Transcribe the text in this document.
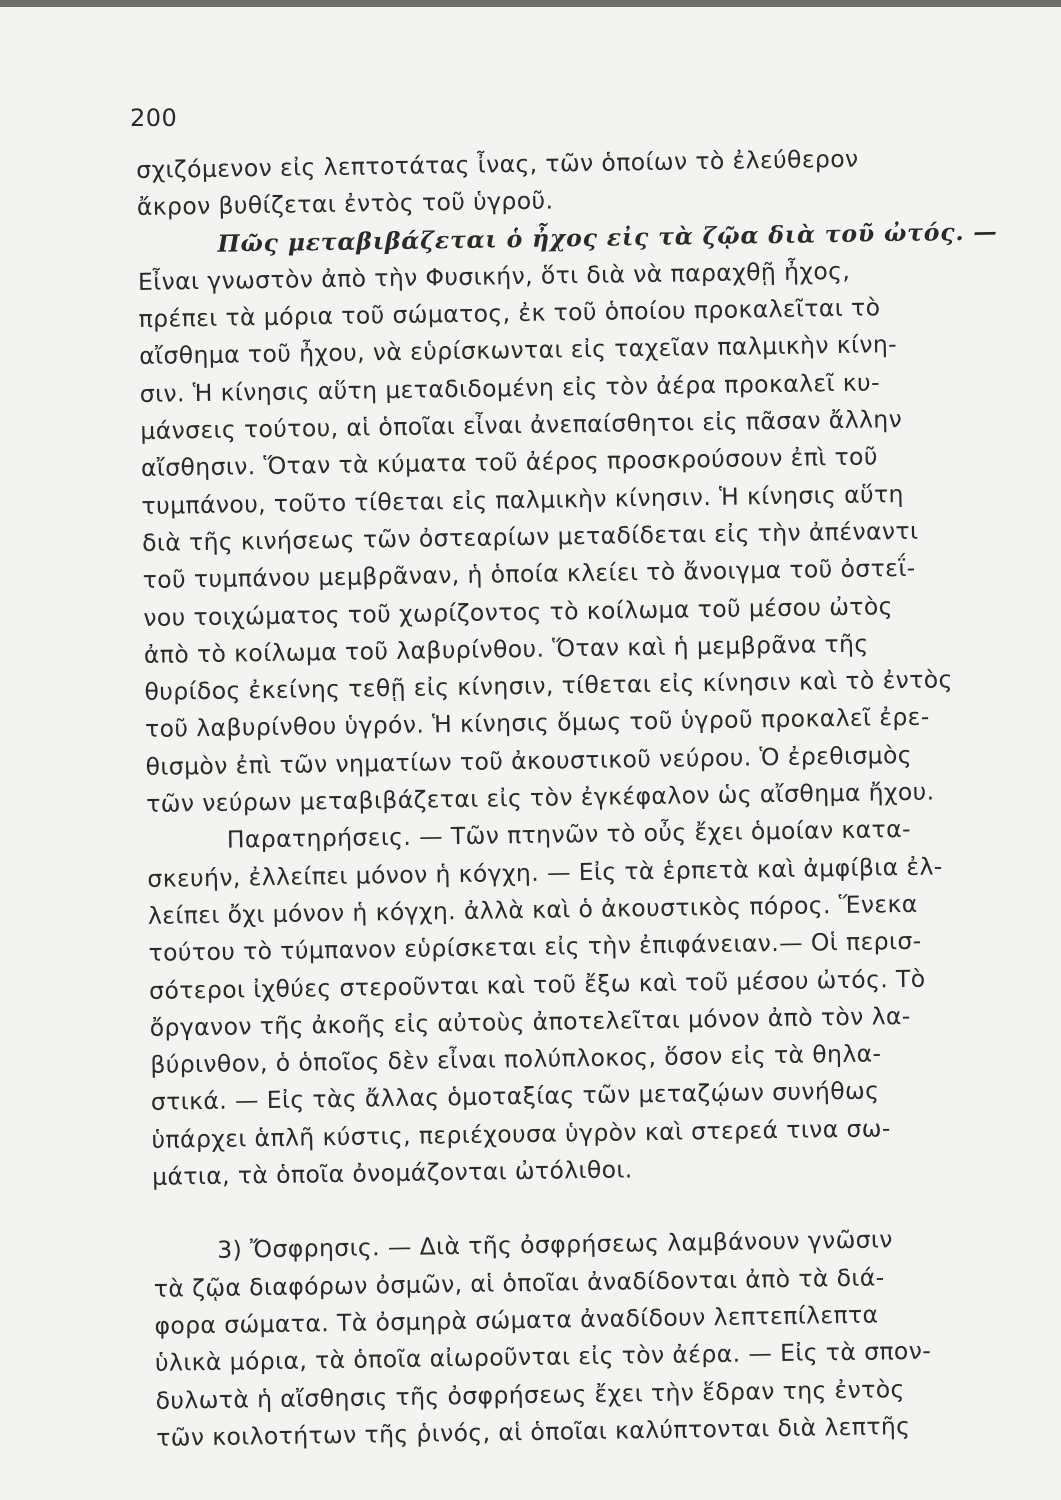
200
σχιζόμενον εἰς λεπτοτάτας ἶνας, τῶν ὁποίων τὸ ἐλεύθερον
ἄκρον βυθίζεται ἐντὸς τοῦ ὑγροῦ.
Πῶς μεταβιβάζεται ὁ ἦχος εἰς τὰ ζῷα διὰ τοῦ ὠτός. —
Εἶναι γνωστὸν ἀπὸ τὴν Φυσικήν, ὅτι διὰ νὰ παραχθῇ ἦχος,
πρέπει τὰ μόρια τοῦ σώματος, ἐκ τοῦ ὁποίου προκαλεῖται τὸ
αἴσθημα τοῦ ἦχου, νὰ εὑρίσκωνται εἰς ταχεῖαν παλμικὴν κίνη-
σιν. Ἡ κίνησις αὕτη μεταδιδομένη εἰς τὸν ἀέρα προκαλεῖ κυ-
μάνσεις τούτου, αἱ ὁποῖαι εἶναι ἀνεπαίσθητοι εἰς πᾶσαν ἄλλην
αἴσθησιν. Ὅταν τὰ κύματα τοῦ ἀέρος προσκρούσουν ἐπὶ τοῦ
τυμπάνου, τοῦτο τίθεται εἰς παλμικὴν κίνησιν. Ἡ κίνησις αὕτη
διὰ τῆς κινήσεως τῶν ὀστεαρίων μεταδίδεται εἰς τὴν ἀπέναντι
τοῦ τυμπάνου μεμβρᾶναν, ἡ ὁποία κλείει τὸ ἄνοιγμα τοῦ ὀστεΐ-
νου τοιχώματος τοῦ χωρίζοντος τὸ κοίλωμα τοῦ μέσου ὠτὸς
ἀπὸ τὸ κοίλωμα τοῦ λαβυρίνθου. Ὅταν καὶ ἡ μεμβρᾶνα τῆς
θυρίδος ἐκείνης τεθῇ εἰς κίνησιν, τίθεται εἰς κίνησιν καὶ τὸ ἐντὸς
τοῦ λαβυρίνθου ὑγρόν. Ἡ κίνησις ὅμως τοῦ ὑγροῦ προκαλεῖ ἐρε-
θισμὸν ἐπὶ τῶν νηματίων τοῦ ἀκουστικοῦ νεύρου. Ὁ ἐρεθισμὸς
τῶν νεύρων μεταβιβάζεται εἰς τὸν ἐγκέφαλον ὡς αἴσθημα ἤχου.
Παρατηρήσεις. — Τῶν πτηνῶν τὸ οὖς ἔχει ὁμοίαν κατα-
σκευήν, ἐλλείπει μόνον ἡ κόγχη. — Εἰς τὰ ἑρπετὰ καὶ ἀμφίβια ἐλ-
λείπει ὄχι μόνον ἡ κόγχη. ἀλλὰ καὶ ὁ ἀκουστικὸς πόρος. Ἕνεκα
τούτου τὸ τύμπανον εὑρίσκεται εἰς τὴν ἐπιφάνειαν.— Οἱ περισ-
σότεροι ἰχθύες στεροῦνται καὶ τοῦ ἔξω καὶ τοῦ μέσου ὠτός. Τὸ
ὄργανον τῆς ἀκοῆς εἰς αὐτοὺς ἀποτελεῖται μόνον ἀπὸ τὸν λα-
βύρινθον, ὁ ὁποῖος δὲν εἶναι πολύπλοκος, ὅσον εἰς τὰ θηλα-
στικά. — Εἰς τὰς ἄλλας ὁμοταξίας τῶν μεταζῴων συνήθως
ὑπάρχει ἁπλῆ κύστις, περιέχουσα ὑγρὸν καὶ στερεά τινα σω-
μάτια, τὰ ὁποῖα ὀνομάζονται ὠτόλιθοι.
3) Ὄσφρησις. — Διὰ τῆς ὀσφρήσεως λαμβάνουν γνῶσιν
τὰ ζῷα διαφόρων ὀσμῶν, αἱ ὁποῖαι ἀναδίδονται ἀπὸ τὰ διά-
φορα σώματα. Τὰ ὀσμηρὰ σώματα ἀναδίδουν λεπτεπίλεπτα
ὑλικὰ μόρια, τὰ ὁποῖα αἰωροῦνται εἰς τὸν ἀέρα. — Εἰς τὰ σπον-
δυλωτὰ ἡ αἴσθησις τῆς ὀσφρήσεως ἔχει τὴν ἕδραν της ἐντὸς
τῶν κοιλοτήτων τῆς ῥινός, αἱ ὁποῖαι καλύπτονται διὰ λεπτῆς
